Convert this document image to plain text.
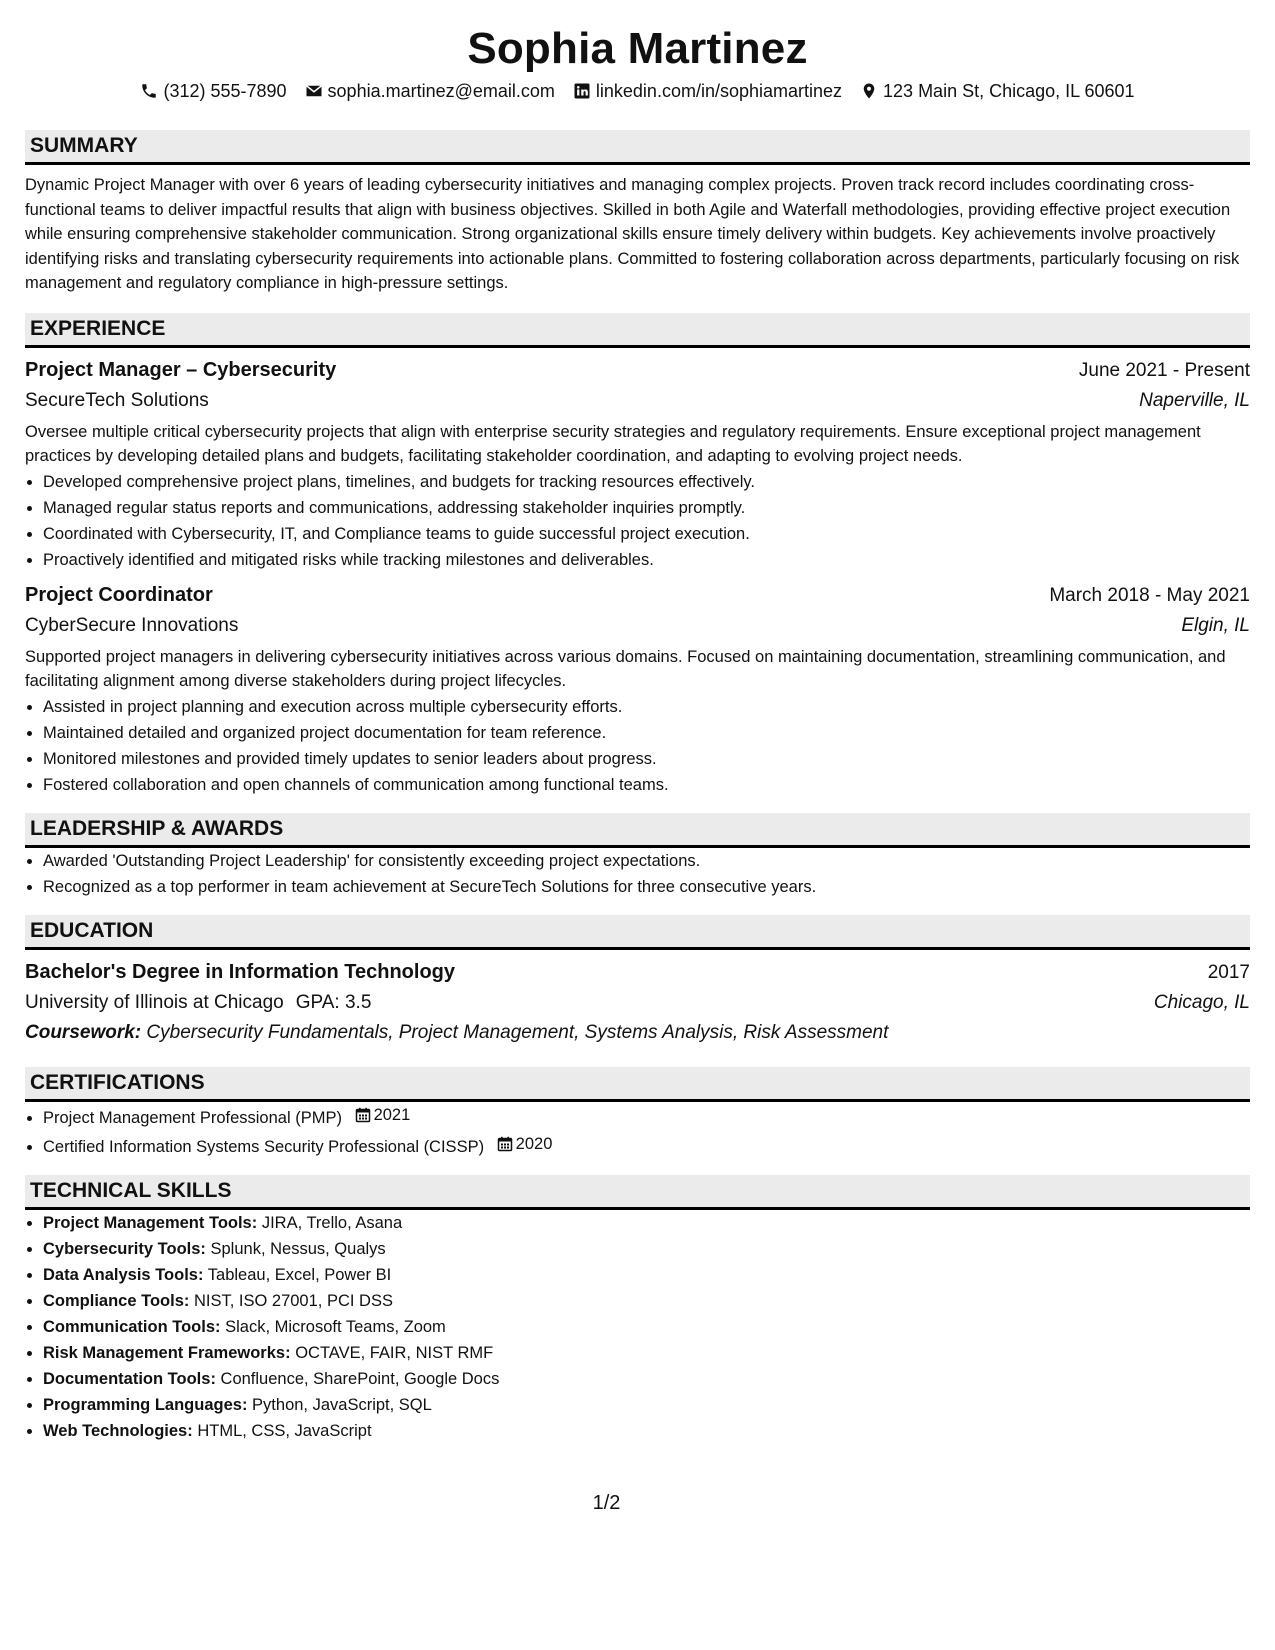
Sophia Martinez
(312) 555-7890 sophia.martinez@email.com linkedin.com/in/sophiamartinez 123 Main St, Chicago, IL 60601
SUMMARY
Dynamic Project Manager with over 6 years of leading cybersecurity initiatives and managing complex projects. Proven track record includes coordinating cross-functional teams to deliver impactful results that align with business objectives. Skilled in both Agile and Waterfall methodologies, providing effective project execution while ensuring comprehensive stakeholder communication. Strong organizational skills ensure timely delivery within budgets. Key achievements involve proactively identifying risks and translating cybersecurity requirements into actionable plans. Committed to fostering collaboration across departments, particularly focusing on risk management and regulatory compliance in high-pressure settings.
EXPERIENCE
Project Manager – Cybersecurity	June 2021 - Present
SecureTech Solutions	Naperville, IL
Oversee multiple critical cybersecurity projects that align with enterprise security strategies and regulatory requirements. Ensure exceptional project management practices by developing detailed plans and budgets, facilitating stakeholder coordination, and adapting to evolving project needs.
• Developed comprehensive project plans, timelines, and budgets for tracking resources effectively.
• Managed regular status reports and communications, addressing stakeholder inquiries promptly.
• Coordinated with Cybersecurity, IT, and Compliance teams to guide successful project execution.
• Proactively identified and mitigated risks while tracking milestones and deliverables.
Project Coordinator	March 2018 - May 2021
CyberSecure Innovations	Elgin, IL
Supported project managers in delivering cybersecurity initiatives across various domains. Focused on maintaining documentation, streamlining communication, and facilitating alignment among diverse stakeholders during project lifecycles.
• Assisted in project planning and execution across multiple cybersecurity efforts.
• Maintained detailed and organized project documentation for team reference.
• Monitored milestones and provided timely updates to senior leaders about progress.
• Fostered collaboration and open channels of communication among functional teams.
LEADERSHIP & AWARDS
• Awarded 'Outstanding Project Leadership' for consistently exceeding project expectations.
• Recognized as a top performer in team achievement at SecureTech Solutions for three consecutive years.
EDUCATION
Bachelor's Degree in Information Technology	2017
University of Illinois at Chicago GPA: 3.5	Chicago, IL
Coursework: Cybersecurity Fundamentals, Project Management, Systems Analysis, Risk Assessment
CERTIFICATIONS
• Project Management Professional (PMP) 2021
• Certified Information Systems Security Professional (CISSP) 2020
TECHNICAL SKILLS
• Project Management Tools: JIRA, Trello, Asana
• Cybersecurity Tools: Splunk, Nessus, Qualys
• Data Analysis Tools: Tableau, Excel, Power BI
• Compliance Tools: NIST, ISO 27001, PCI DSS
• Communication Tools: Slack, Microsoft Teams, Zoom
• Risk Management Frameworks: OCTAVE, FAIR, NIST RMF
• Documentation Tools: Confluence, SharePoint, Google Docs
• Programming Languages: Python, JavaScript, SQL
• Web Technologies: HTML, CSS, JavaScript
1/2
